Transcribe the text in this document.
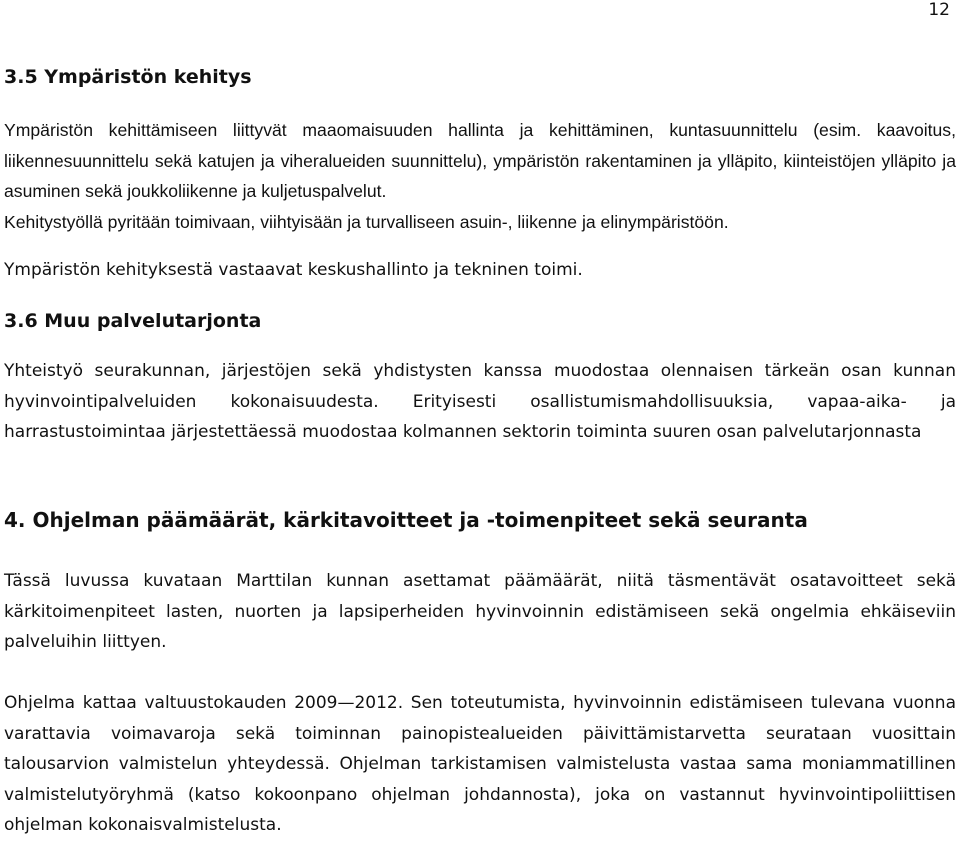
12
3.5 Ympäristön kehitys

Ympäristön kehittämiseen liittyvät maaomaisuuden hallinta ja kehittäminen, kuntasuunnittelu (esim. kaavoitus, liikennesuunnittelu sekä katujen ja viheralueiden suunnittelu), ympäristön rakentaminen ja ylläpito, kiinteistöjen ylläpito ja asuminen sekä joukkoliikenne ja kuljetuspalvelut.

Kehitystyöllä pyritään toimivaan, viihtyisään ja turvalliseen asuin-, liikenne ja elinympäristöön.

Ympäristön kehityksestä vastaavat keskushallinto ja tekninen toimi.

3.6 Muu palvelutarjonta

Yhteistyö seurakunnan, järjestöjen sekä yhdistysten kanssa muodostaa olennaisen tärkeän osan kunnan hyvinvointipalveluiden kokonaisuudesta. Erityisesti osallistumismahdollisuuksia, vapaa-aika- ja harrastustoimintaa järjestettäessä muodostaa kolmannen sektorin toiminta suuren osan palvelutarjonnasta

4. Ohjelman päämäärät, kärkitavoitteet ja -toimenpiteet sekä seuranta

Tässä luvussa kuvataan Marttilan kunnan asettamat päämäärät, niitä täsmentävät osatavoitteet sekä kärkitoimenpiteet lasten, nuorten ja lapsiperheiden hyvinvoinnin edistämiseen sekä ongelmia ehkäiseviin palveluihin liittyen.

Ohjelma kattaa valtuustokauden 2009—2012. Sen toteutumista, hyvinvoinnin edistämiseen tulevana vuonna varattavia voimavaroja sekä toiminnan painopistealueiden päivittämistarvetta seurataan vuosittain talousarvion valmistelun yhteydessä. Ohjelman tarkistamisen valmistelusta vastaa sama moniammatillinen valmistelutyöryhmä (katso kokoonpano ohjelman johdannosta), joka on vastannut hyvinvointipoliittisen ohjelman kokonaisvalmistelusta.
